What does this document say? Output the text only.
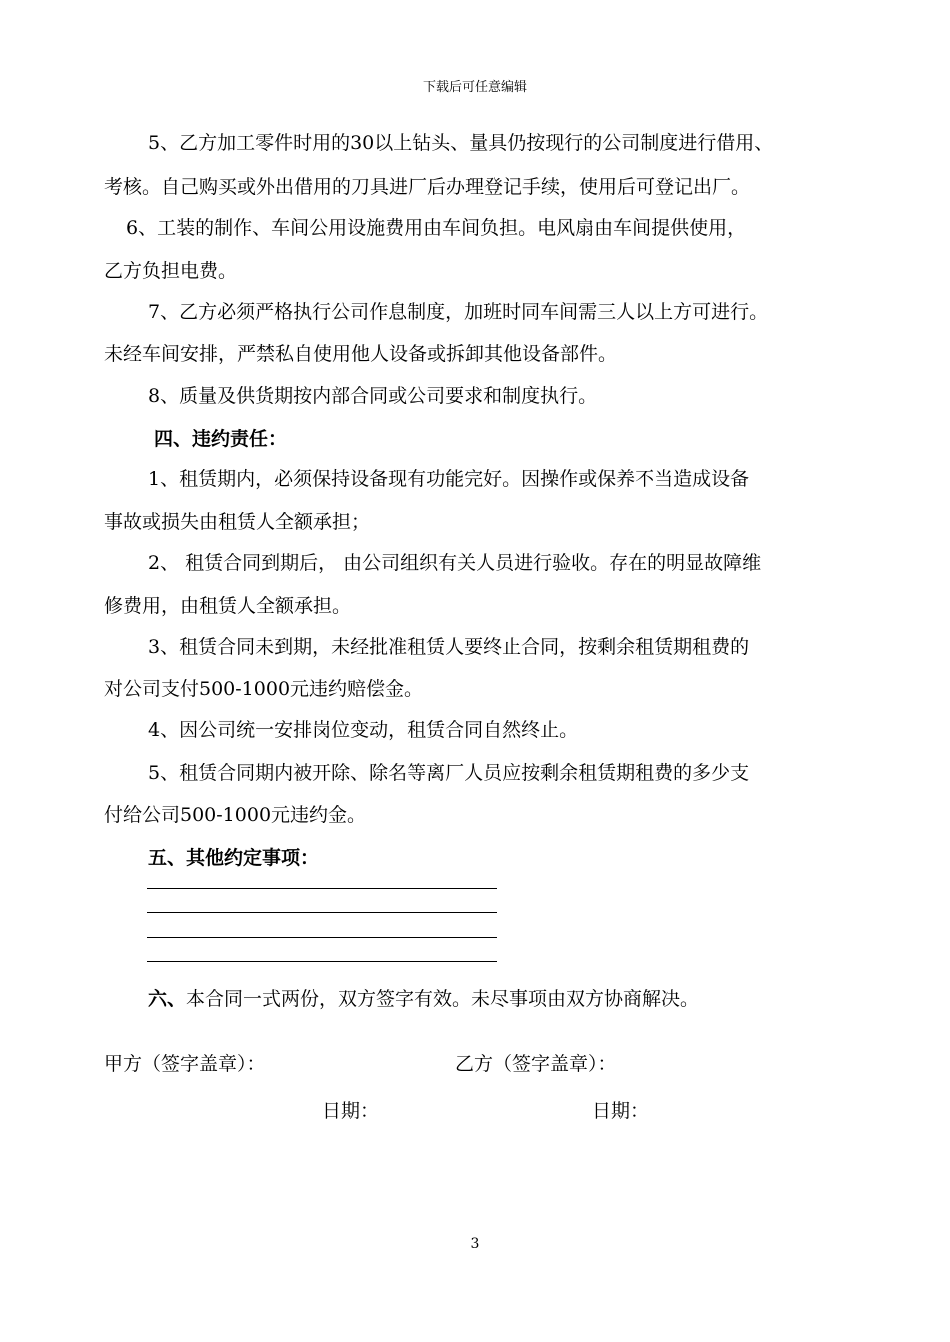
下载后可任意编辑
5、乙方加工零件时用的30以上钻头、量具仍按现行的公司制度进行借用、
考核。自己购买或外出借用的刀具进厂后办理登记手续，使用后可登记出厂。
6、工装的制作、车间公用设施费用由车间负担。电风扇由车间提供使用，
乙方负担电费。
7、乙方必须严格执行公司作息制度，加班时同车间需三人以上方可进行。
未经车间安排，严禁私自使用他人设备或拆卸其他设备部件。
8、质量及供货期按内部合同或公司要求和制度执行。
四、违约责任：
1、租赁期内，必须保持设备现有功能完好。因操作或保养不当造成设备
事故或损失由租赁人全额承担；
2、 租赁合同到期后， 由公司组织有关人员进行验收。存在的明显故障维
修费用，由租赁人全额承担。
3、租赁合同未到期，未经批准租赁人要终止合同，按剩余租赁期租费的
对公司支付500-1000元违约赔偿金。
4、因公司统一安排岗位变动，租赁合同自然终止。
5、租赁合同期内被开除、除名等离厂人员应按剩余租赁期租费的多少支
付给公司500-1000元违约金。
五、其他约定事项：
六、本合同一式两份，双方签字有效。未尽事项由双方协商解决。
甲方（签字盖章）：	乙方（签字盖章）：
日期：	日期：
3
